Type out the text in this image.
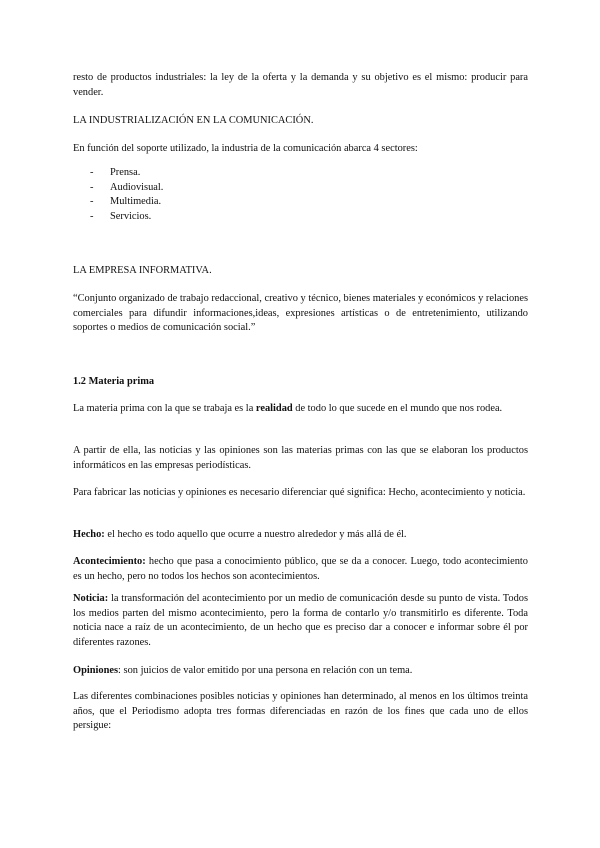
resto de productos industriales: la ley de la oferta y la demanda y su objetivo es el mismo: producir para vender.

LA INDUSTRIALIZACIÓN EN LA COMUNICACIÓN.

En función del soporte utilizado, la industria de la comunicación abarca 4 sectores:

- Prensa.
- Audiovisual.
- Multimedia.
- Servicios.

LA EMPRESA INFORMATIVA.

“Conjunto organizado de trabajo redaccional, creativo y técnico, bienes materiales y económicos y relaciones comerciales para difundir informaciones,ideas, expresiones artísticas o de entretenimiento, utilizando soportes o medios de comunicación social.”

1.2 Materia prima

La materia prima con la que se trabaja es la realidad de todo lo que sucede en el mundo que nos rodea.

A partir de ella, las noticias y las opiniones son las materias primas con las que se elaboran los productos informáticos en las empresas periodísticas.

Para fabricar las noticias y opiniones es necesario diferenciar qué significa: Hecho, acontecimiento y noticia.

Hecho: el hecho es todo aquello que ocurre a nuestro alrededor y más allá de él.

Acontecimiento: hecho que pasa a conocimiento público, que se da a conocer. Luego, todo acontecimiento es un hecho, pero no todos los hechos son acontecimientos.

Noticia: la transformación del acontecimiento por un medio de comunicación desde su punto de vista. Todos los medios parten del mismo acontecimiento, pero la forma de contarlo y/o transmitirlo es diferente. Toda noticia nace a raíz de un acontecimiento, de un hecho que es preciso dar a conocer e informar sobre él por diferentes razones.

Opiniones: son juicios de valor emitido por una persona en relación con un tema.

Las diferentes combinaciones posibles noticias y opiniones han determinado, al menos en los últimos treinta años, que el Periodismo adopta tres formas diferenciadas en razón de los fines que cada uno de ellos persigue:
